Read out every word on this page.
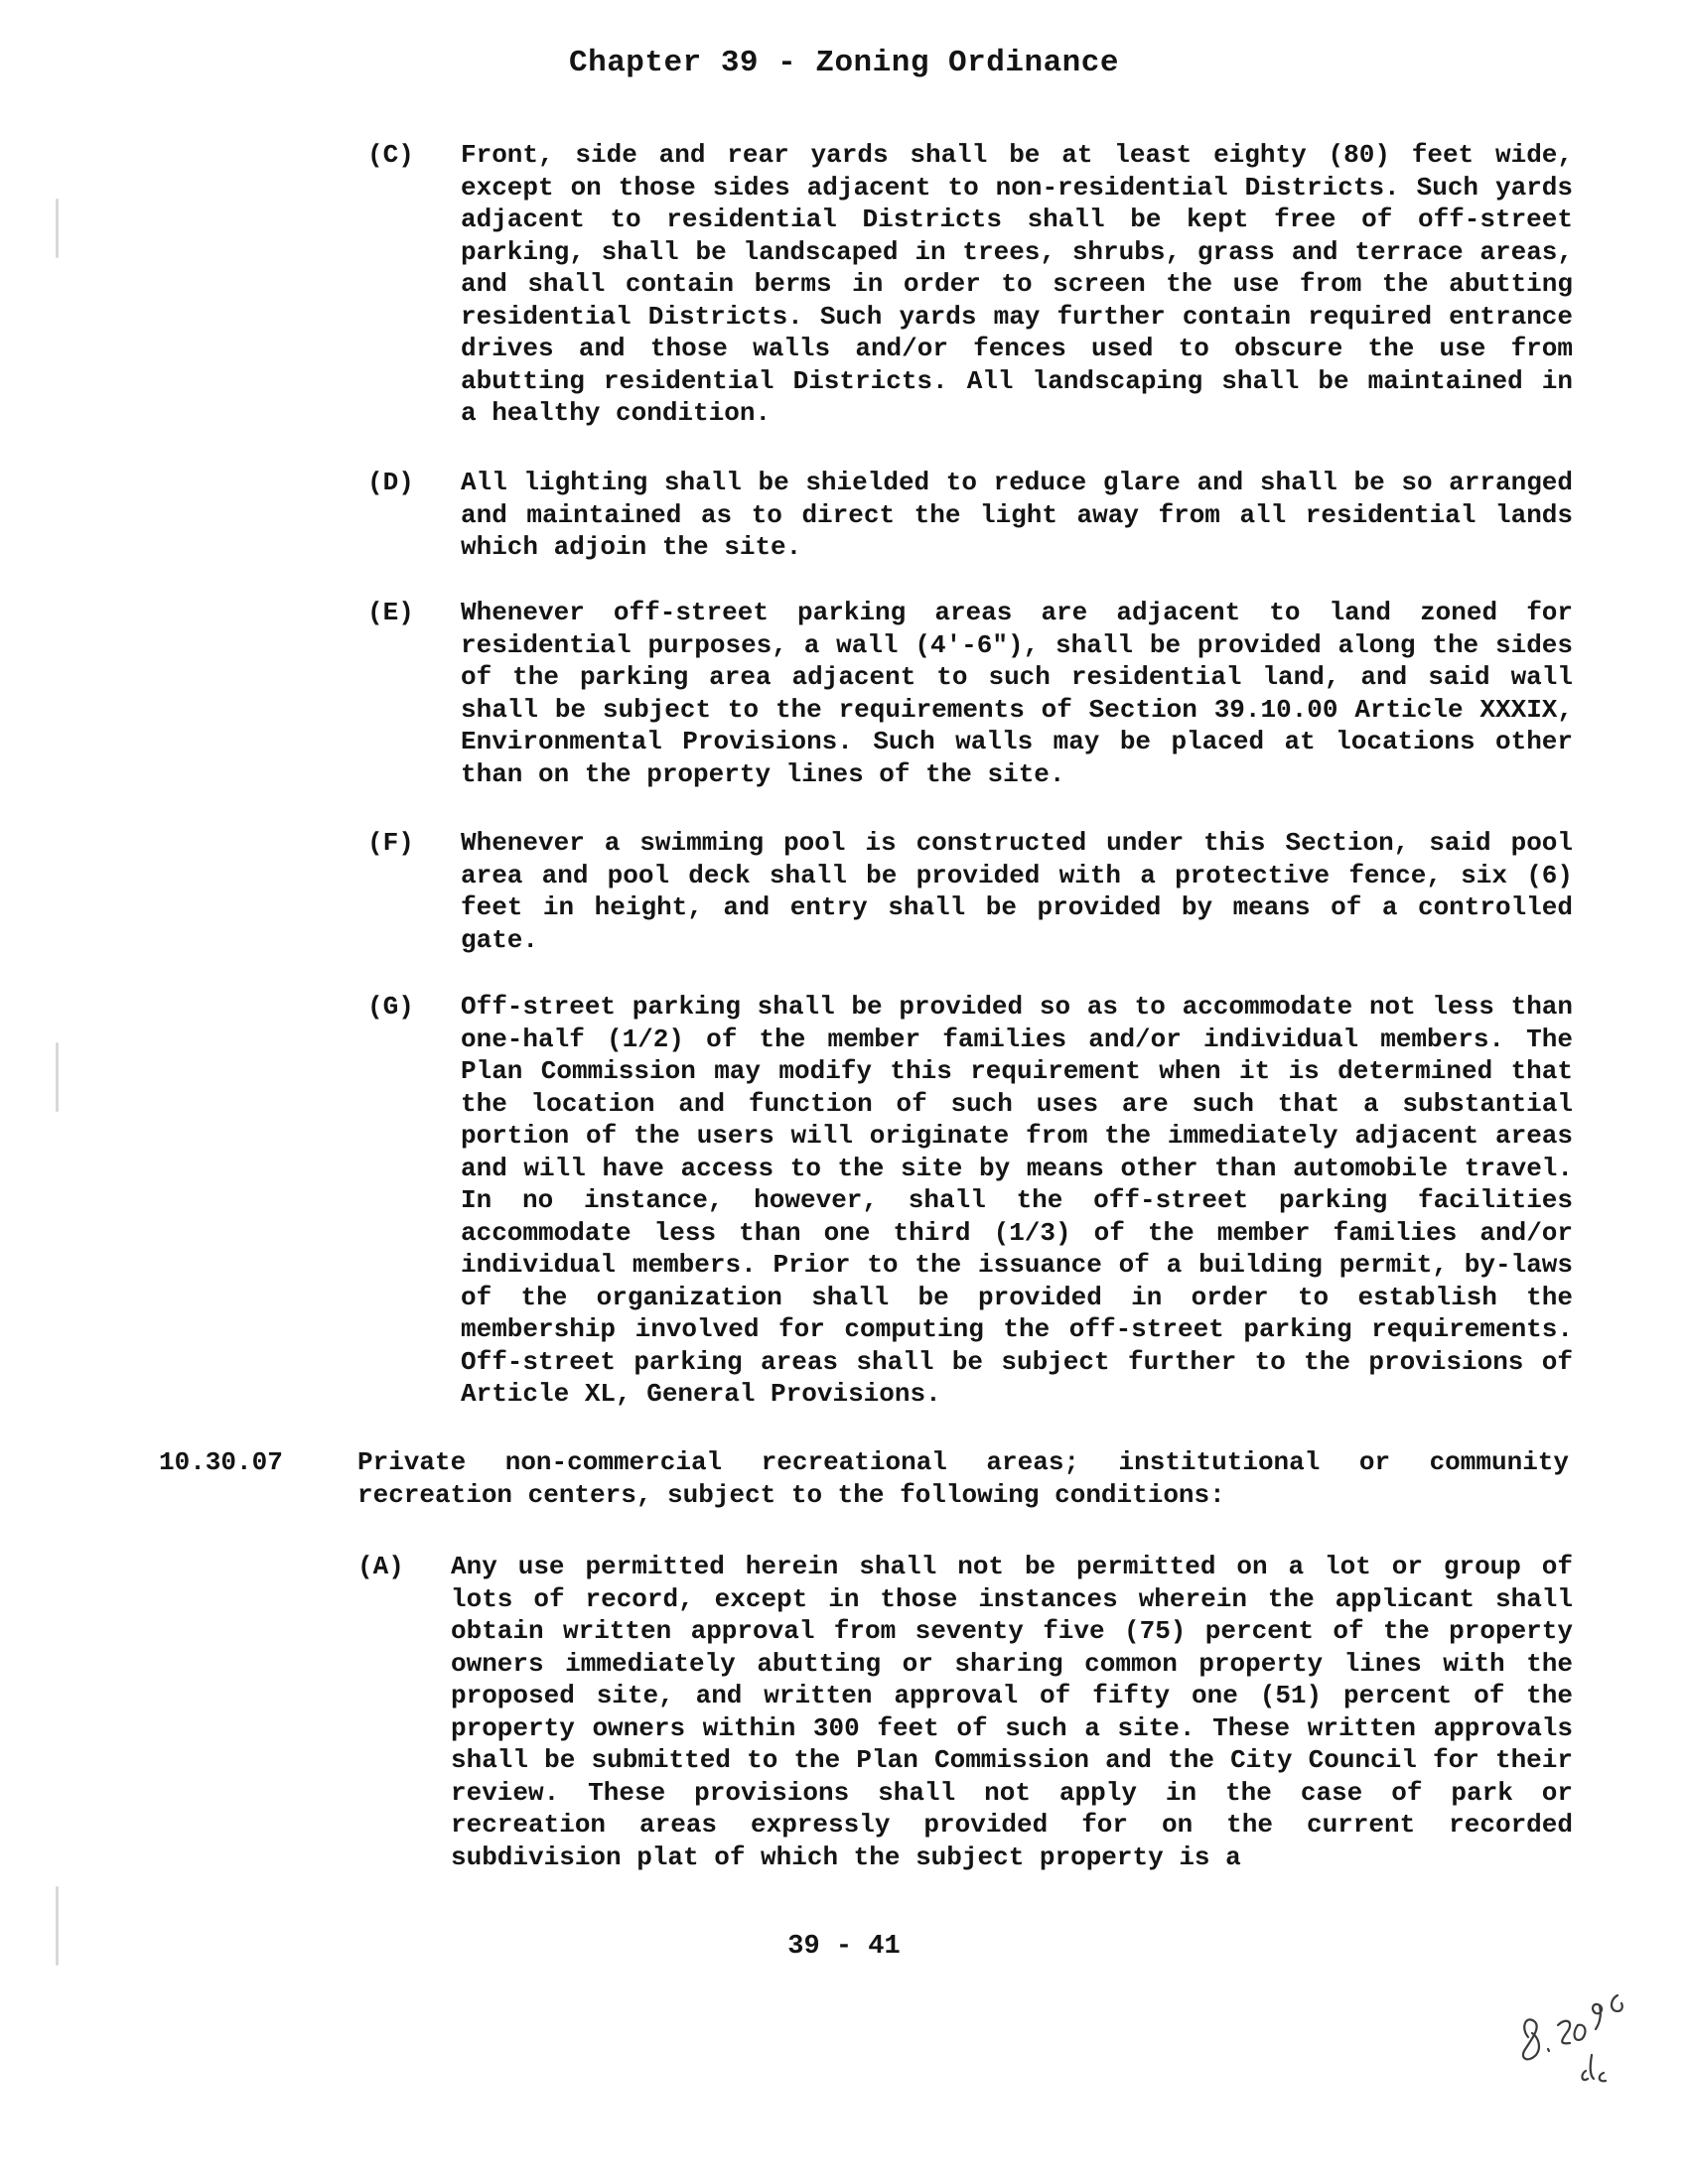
Chapter 39 - Zoning Ordinance
(C) Front, side and rear yards shall be at least eighty (80) feet wide, except on those sides adjacent to non-residential Districts. Such yards adjacent to residential Districts shall be kept free of off-street parking, shall be landscaped in trees, shrubs, grass and terrace areas, and shall contain berms in order to screen the use from the abutting residential Districts. Such yards may further contain required entrance drives and those walls and/or fences used to obscure the use from abutting residential Districts. All landscaping shall be maintained in a healthy condition.
(D) All lighting shall be shielded to reduce glare and shall be so arranged and maintained as to direct the light away from all residential lands which adjoin the site.
(E) Whenever off-street parking areas are adjacent to land zoned for residential purposes, a wall (4'-6"), shall be provided along the sides of the parking area adjacent to such residential land, and said wall shall be subject to the requirements of Section 39.10.00 Article XXXIX, Environmental Provisions. Such walls may be placed at locations other than on the property lines of the site.
(F) Whenever a swimming pool is constructed under this Section, said pool area and pool deck shall be provided with a protective fence, six (6) feet in height, and entry shall be provided by means of a controlled gate.
(G) Off-street parking shall be provided so as to accommodate not less than one-half (1/2) of the member families and/or individual members. The Plan Commission may modify this requirement when it is determined that the location and function of such uses are such that a substantial portion of the users will originate from the immediately adjacent areas and will have access to the site by means other than automobile travel. In no instance, however, shall the off-street parking facilities accommodate less than one third (1/3) of the member families and/or individual members. Prior to the issuance of a building permit, by-laws of the organization shall be provided in order to establish the membership involved for computing the off-street parking requirements. Off-street parking areas shall be subject further to the provisions of Article XL, General Provisions.
10.30.07	Private non-commercial recreational areas; institutional or community recreation centers, subject to the following conditions:
(A) Any use permitted herein shall not be permitted on a lot or group of lots of record, except in those instances wherein the applicant shall obtain written approval from seventy five (75) percent of the property owners immediately abutting or sharing common property lines with the proposed site, and written approval of fifty one (51) percent of the property owners within 300 feet of such a site. These written approvals shall be submitted to the Plan Commission and the City Council for their review. These provisions shall not apply in the case of park or recreation areas expressly provided for on the current recorded subdivision plat of which the subject property is a
39 - 41
